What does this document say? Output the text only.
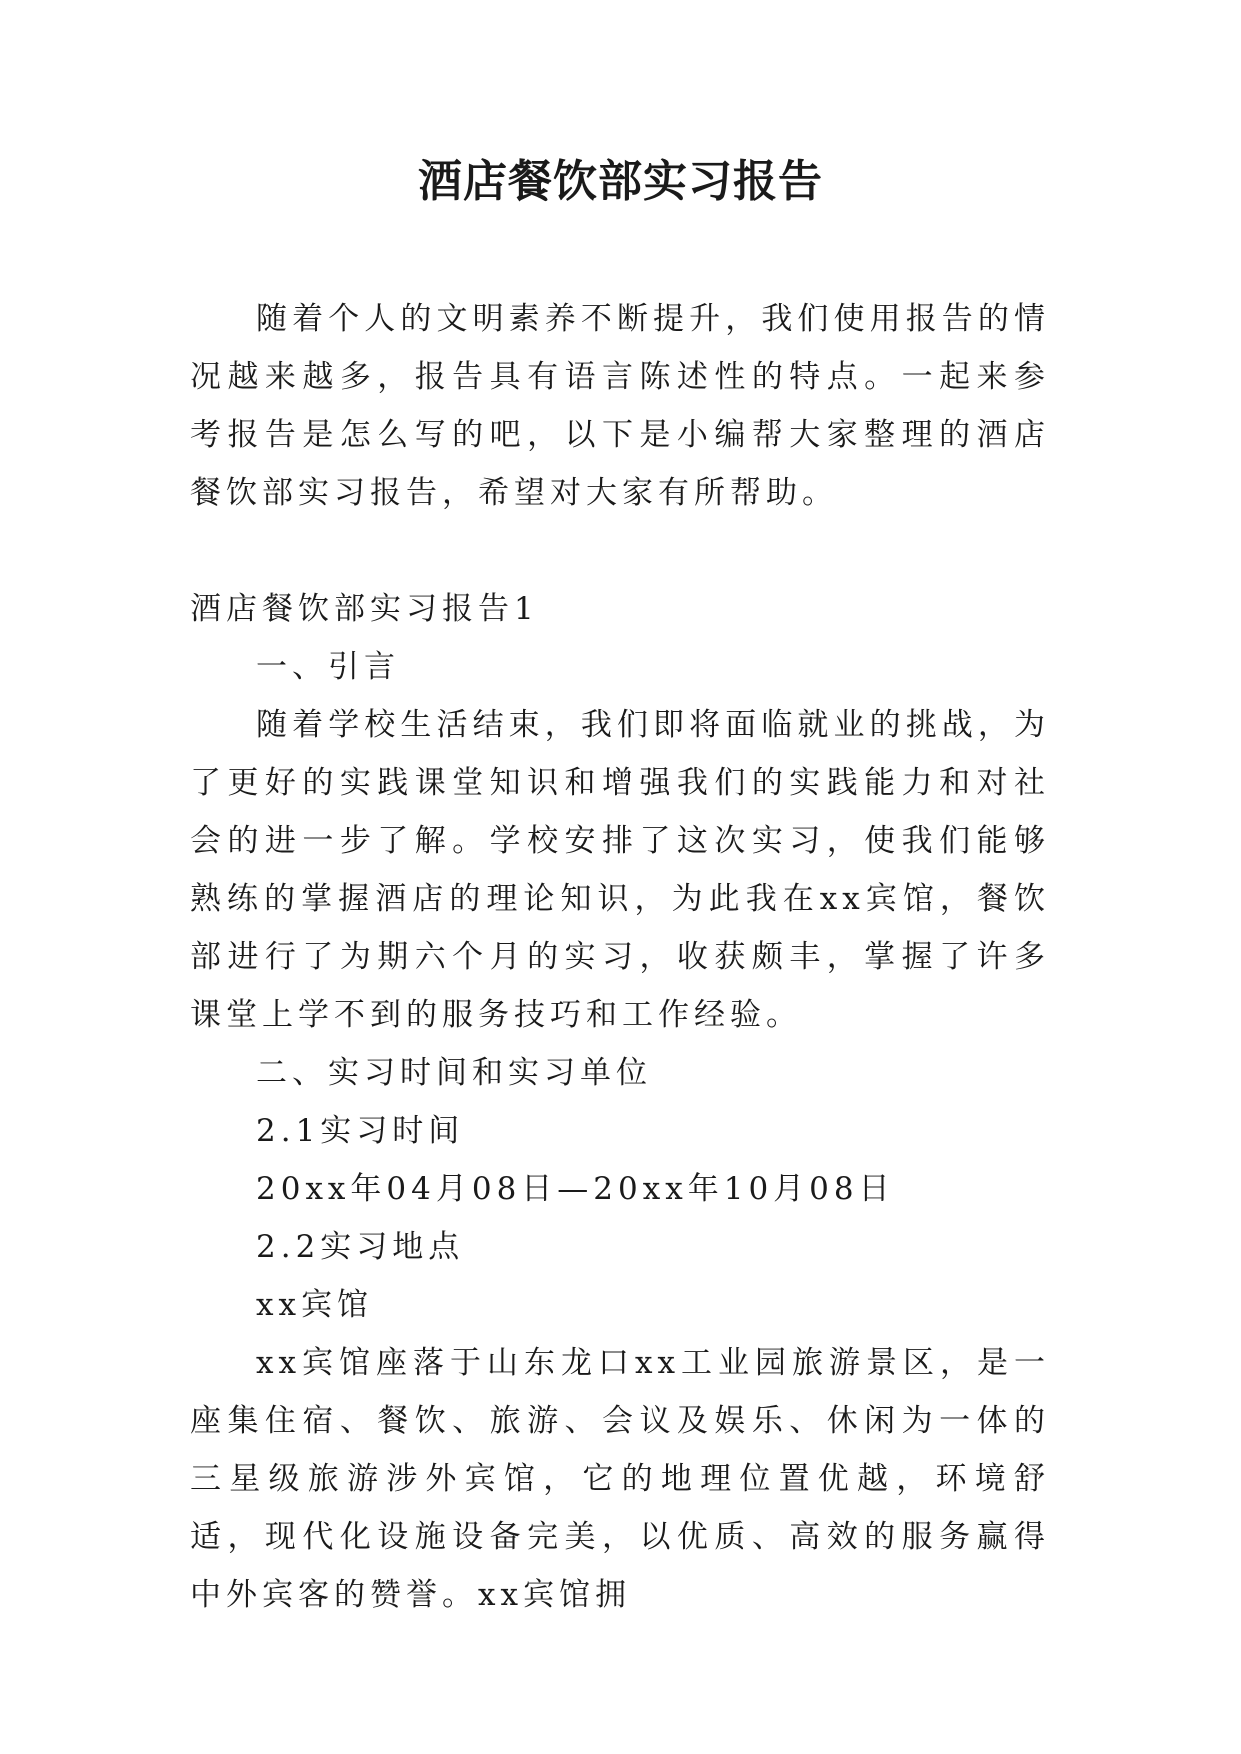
酒店餐饮部实习报告

随着个人的文明素养不断提升，我们使用报告的情况越来越多，报告具有语言陈述性的特点。一起来参考报告是怎么写的吧，以下是小编帮大家整理的酒店餐饮部实习报告，希望对大家有所帮助。

酒店餐饮部实习报告1

一、引言

随着学校生活结束，我们即将面临就业的挑战，为了更好的实践课堂知识和增强我们的实践能力和对社会的进一步了解。学校安排了这次实习，使我们能够熟练的掌握酒店的理论知识，为此我在xx宾馆，餐饮部进行了为期六个月的实习，收获颇丰，掌握了许多课堂上学不到的服务技巧和工作经验。

二、实习时间和实习单位

2.1实习时间

20xx年04月08日—20xx年10月08日

2.2实习地点

xx宾馆

xx宾馆座落于山东龙口xx工业园旅游景区，是一座集住宿、餐饮、旅游、会议及娱乐、休闲为一体的三星级旅游涉外宾馆，它的地理位置优越，环境舒适，现代化设施设备完美，以优质、高效的服务赢得中外宾客的赞誉。xx宾馆拥
